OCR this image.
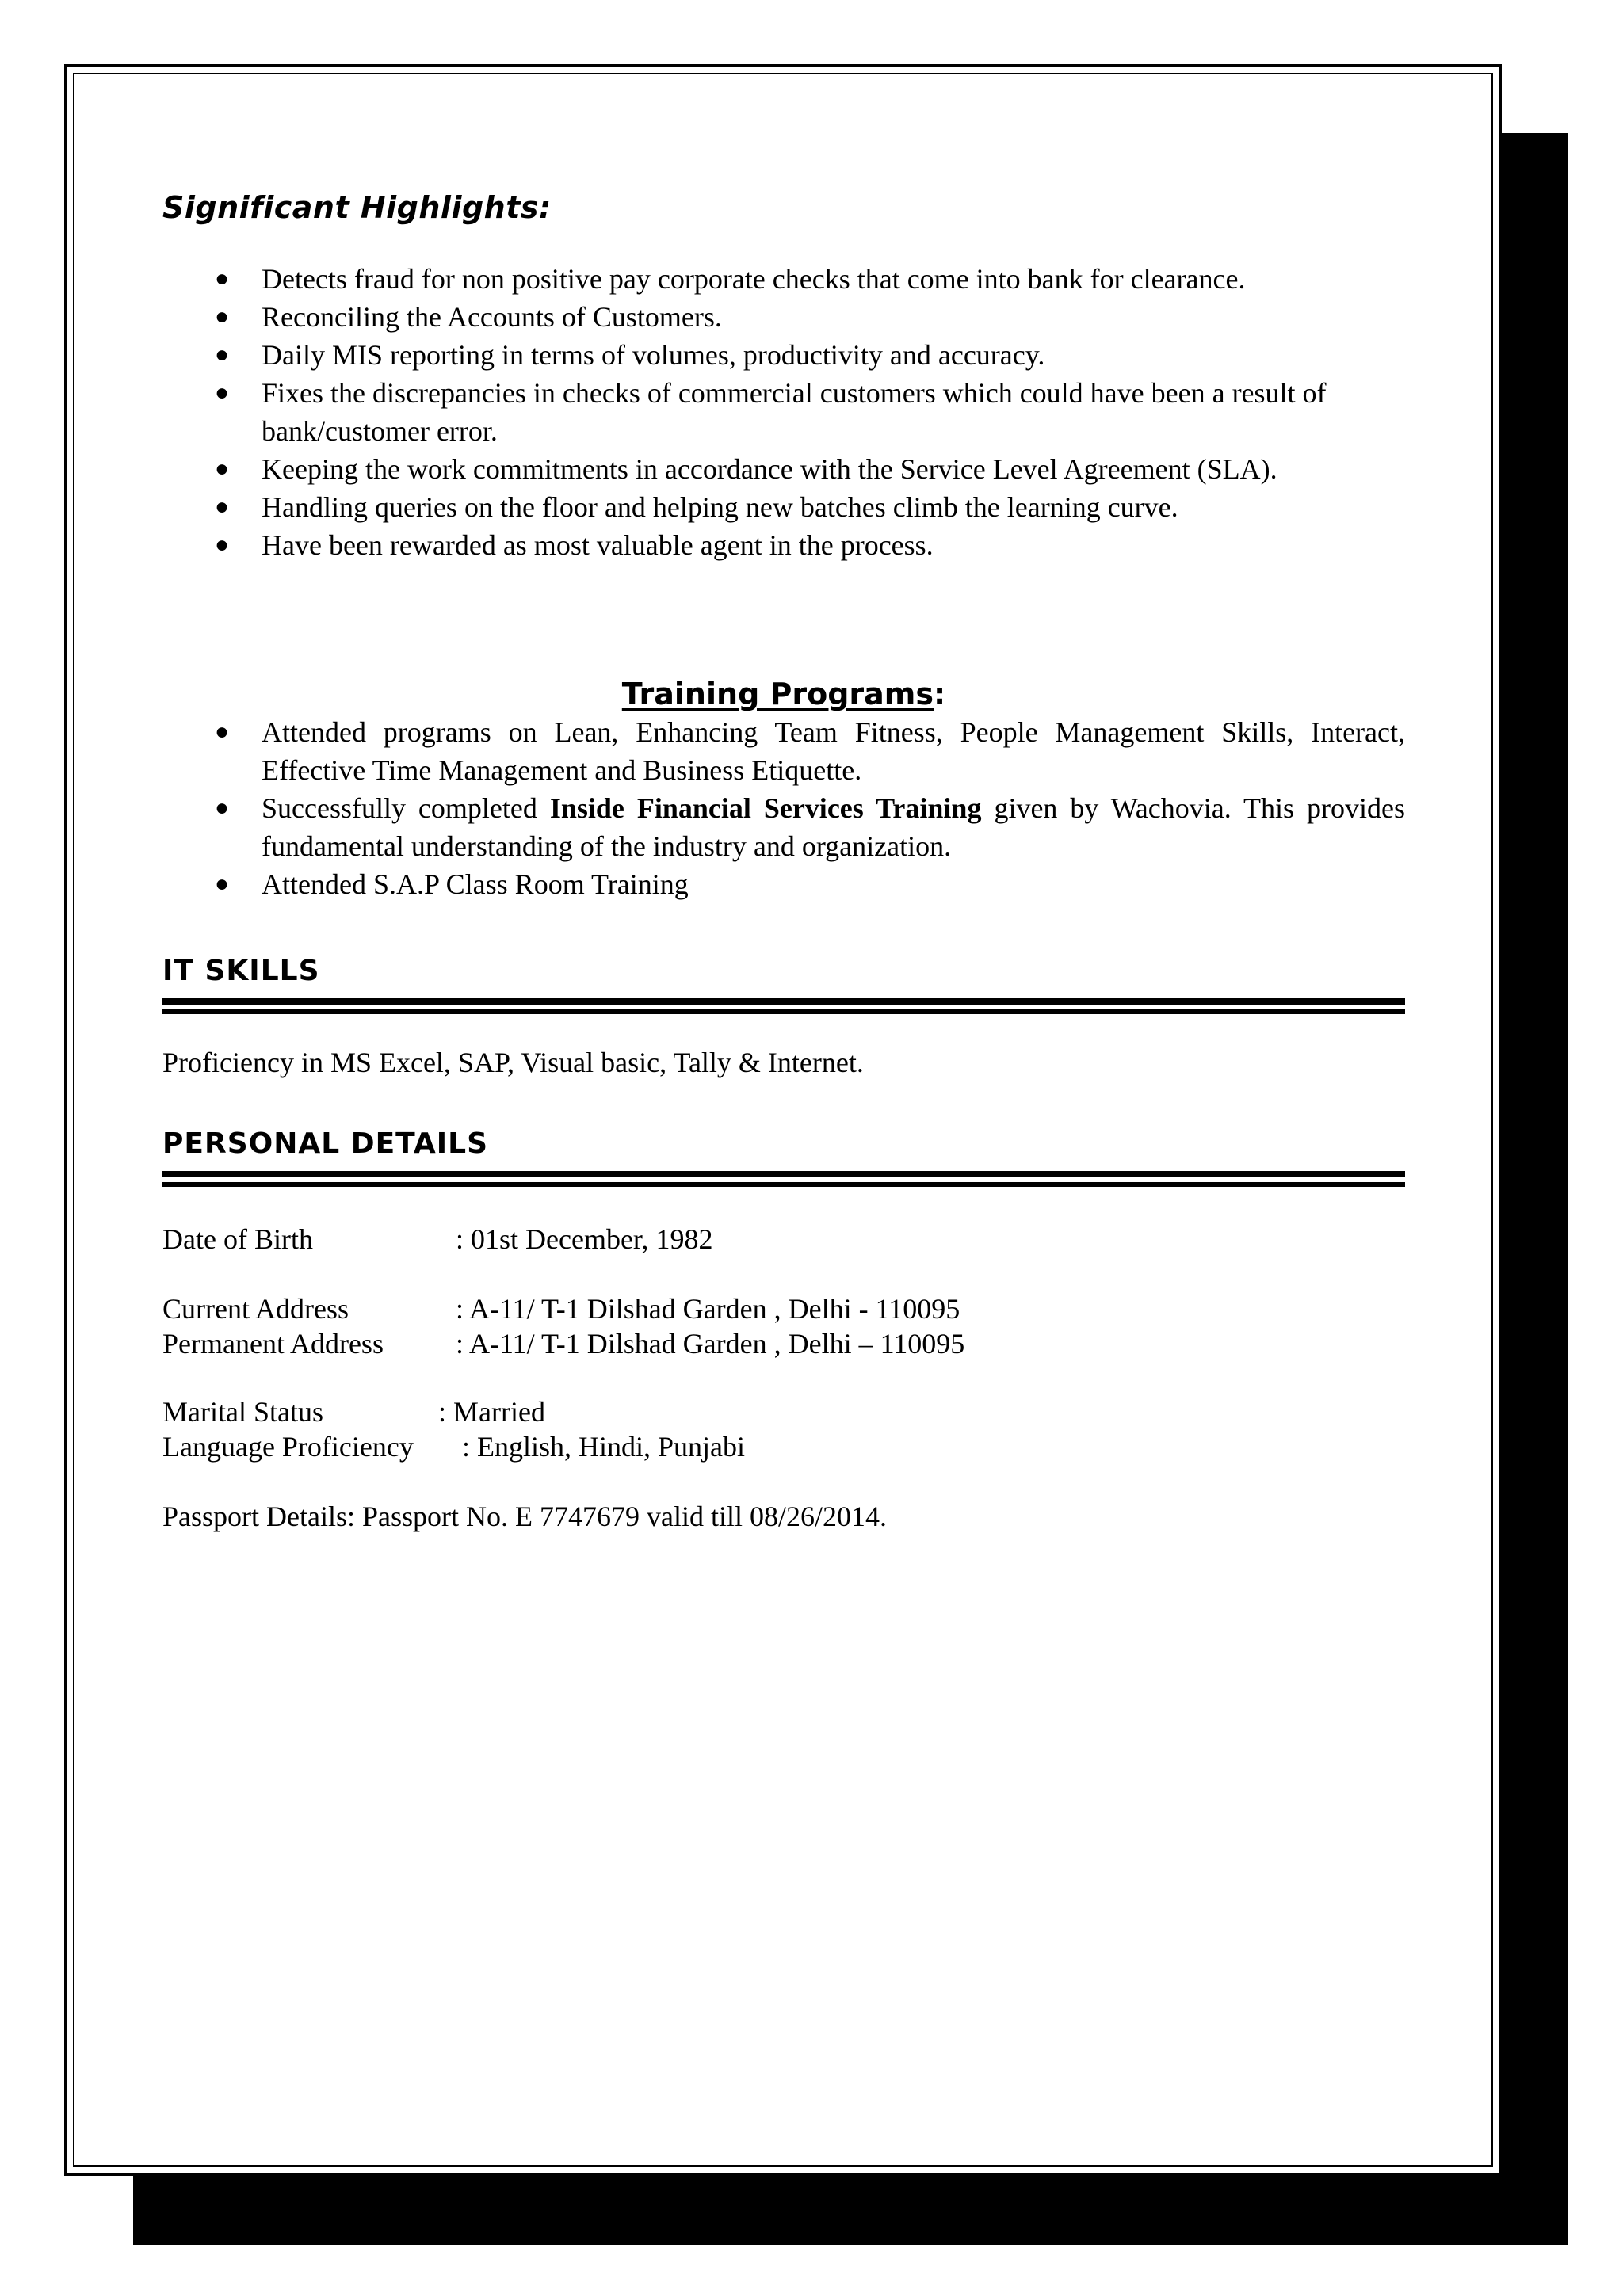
Significant Highlights:
● Detects fraud for non positive pay corporate checks that come into bank for clearance.
● Reconciling the Accounts of Customers.
● Daily MIS reporting in terms of volumes, productivity and accuracy.
● Fixes the discrepancies in checks of commercial customers which could have been a result of bank/customer error.
● Keeping the work commitments in accordance with the Service Level Agreement (SLA).
● Handling queries on the floor and helping new batches climb the learning curve.
● Have been rewarded as most valuable agent in the process.
Training Programs:
● Attended programs on Lean, Enhancing Team Fitness, People Management Skills, Interact, Effective Time Management and Business Etiquette.
● Successfully completed Inside Financial Services Training given by Wachovia. This provides fundamental understanding of the industry and organization.
● Attended S.A.P Class Room Training
IT SKILLS

Proficiency in MS Excel, SAP, Visual basic, Tally & Internet.

PERSONAL DETAILS
Date of Birth	: 01st December, 1982
Current Address	: A-11/ T-1 Dilshad Garden , Delhi - 110095
Permanent Address	: A-11/ T-1 Dilshad Garden , Delhi – 110095
Marital Status	: Married
Language Proficiency	: English, Hindi, Punjabi
Passport Details : Passport No. E 7747679 valid till 08/26/2014.
